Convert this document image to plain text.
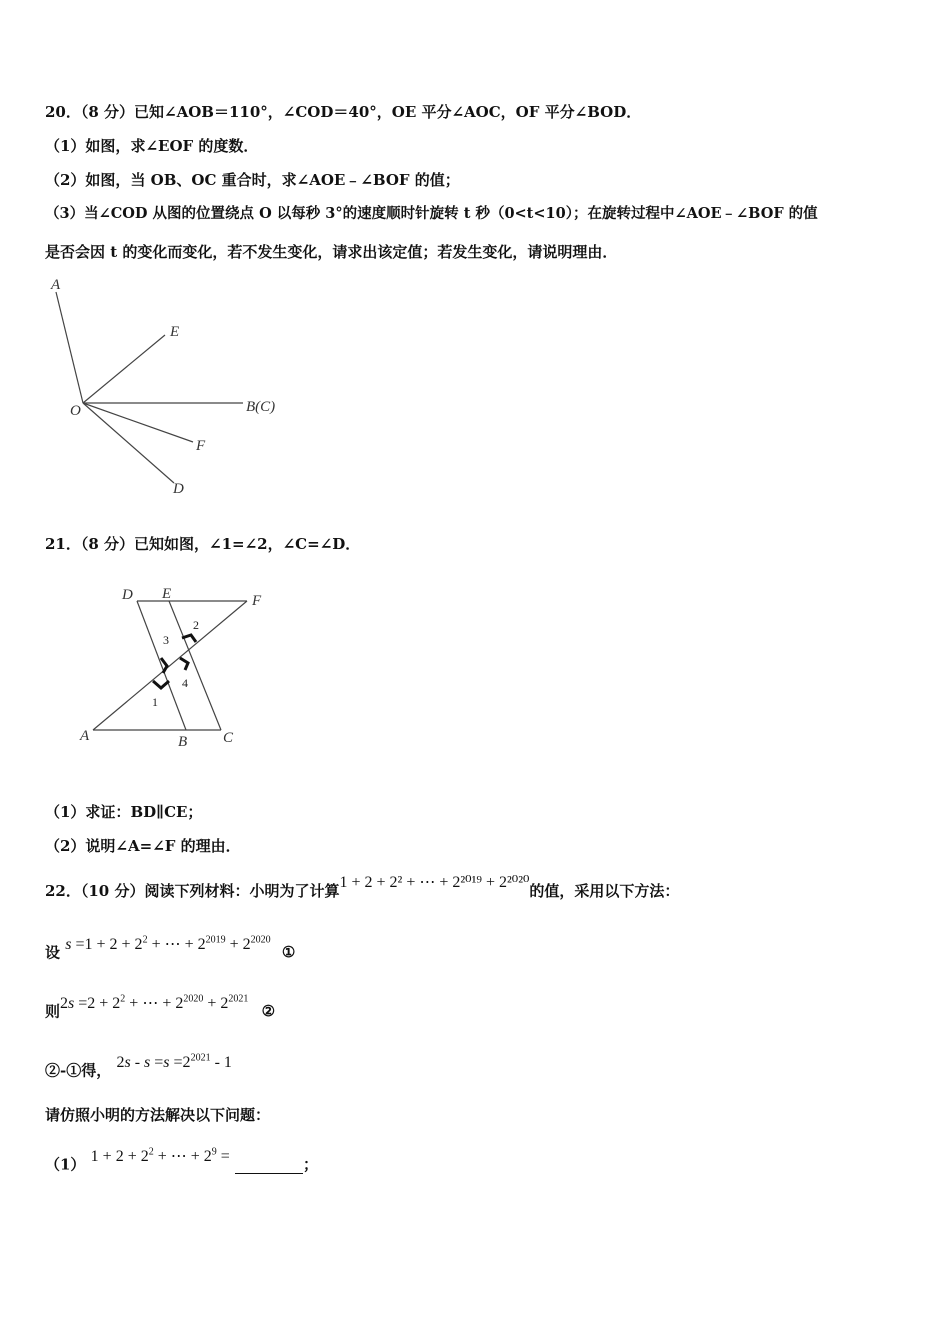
20．（8 分）已知∠AOB＝110°，∠COD＝40°，OE 平分∠AOC，OF 平分∠BOD．
（1）如图，求∠EOF 的度数．
（2）如图，当 OB、OC 重合时，求∠AOE﹣∠BOF 的值；
（3）当∠COD 从图的位置绕点 O 以每秒 3°的速度顺时针旋转 t 秒（0<t<10）；在旋转过程中∠AOE﹣∠BOF 的值
是否会因 t 的变化而变化，若不发生变化，请求出该定值；若发生变化，请说明理由．
A
E
O	B(C)
F
D
21．（8 分）已知如图，∠1=∠2，∠C=∠D．
D E	F
A	B C
1
2
3
4
（1）求证：BD∥CE；
（2）说明∠A=∠F 的理由．
22．（10 分）阅读下列材料：小明为了计算1 + 2 + 2² + ⋯ + 2²⁰¹⁹ + 2²⁰²⁰的值，采用以下方法：
设 $s =1 + 2 + 2^2$ + ⋯ + $2^{2019} + 2^{2020}$ ①
则$2s =2 + 2^2$ + ⋯ + $2^{2020} + 2^{2021}$ ②
②-①得， $2s - s =s =2^{2021} - 1$
请仿照小明的方法解决以下问题：
（1） $1 + 2 + 2^2$ + ⋯ + $2^9$ =	；
